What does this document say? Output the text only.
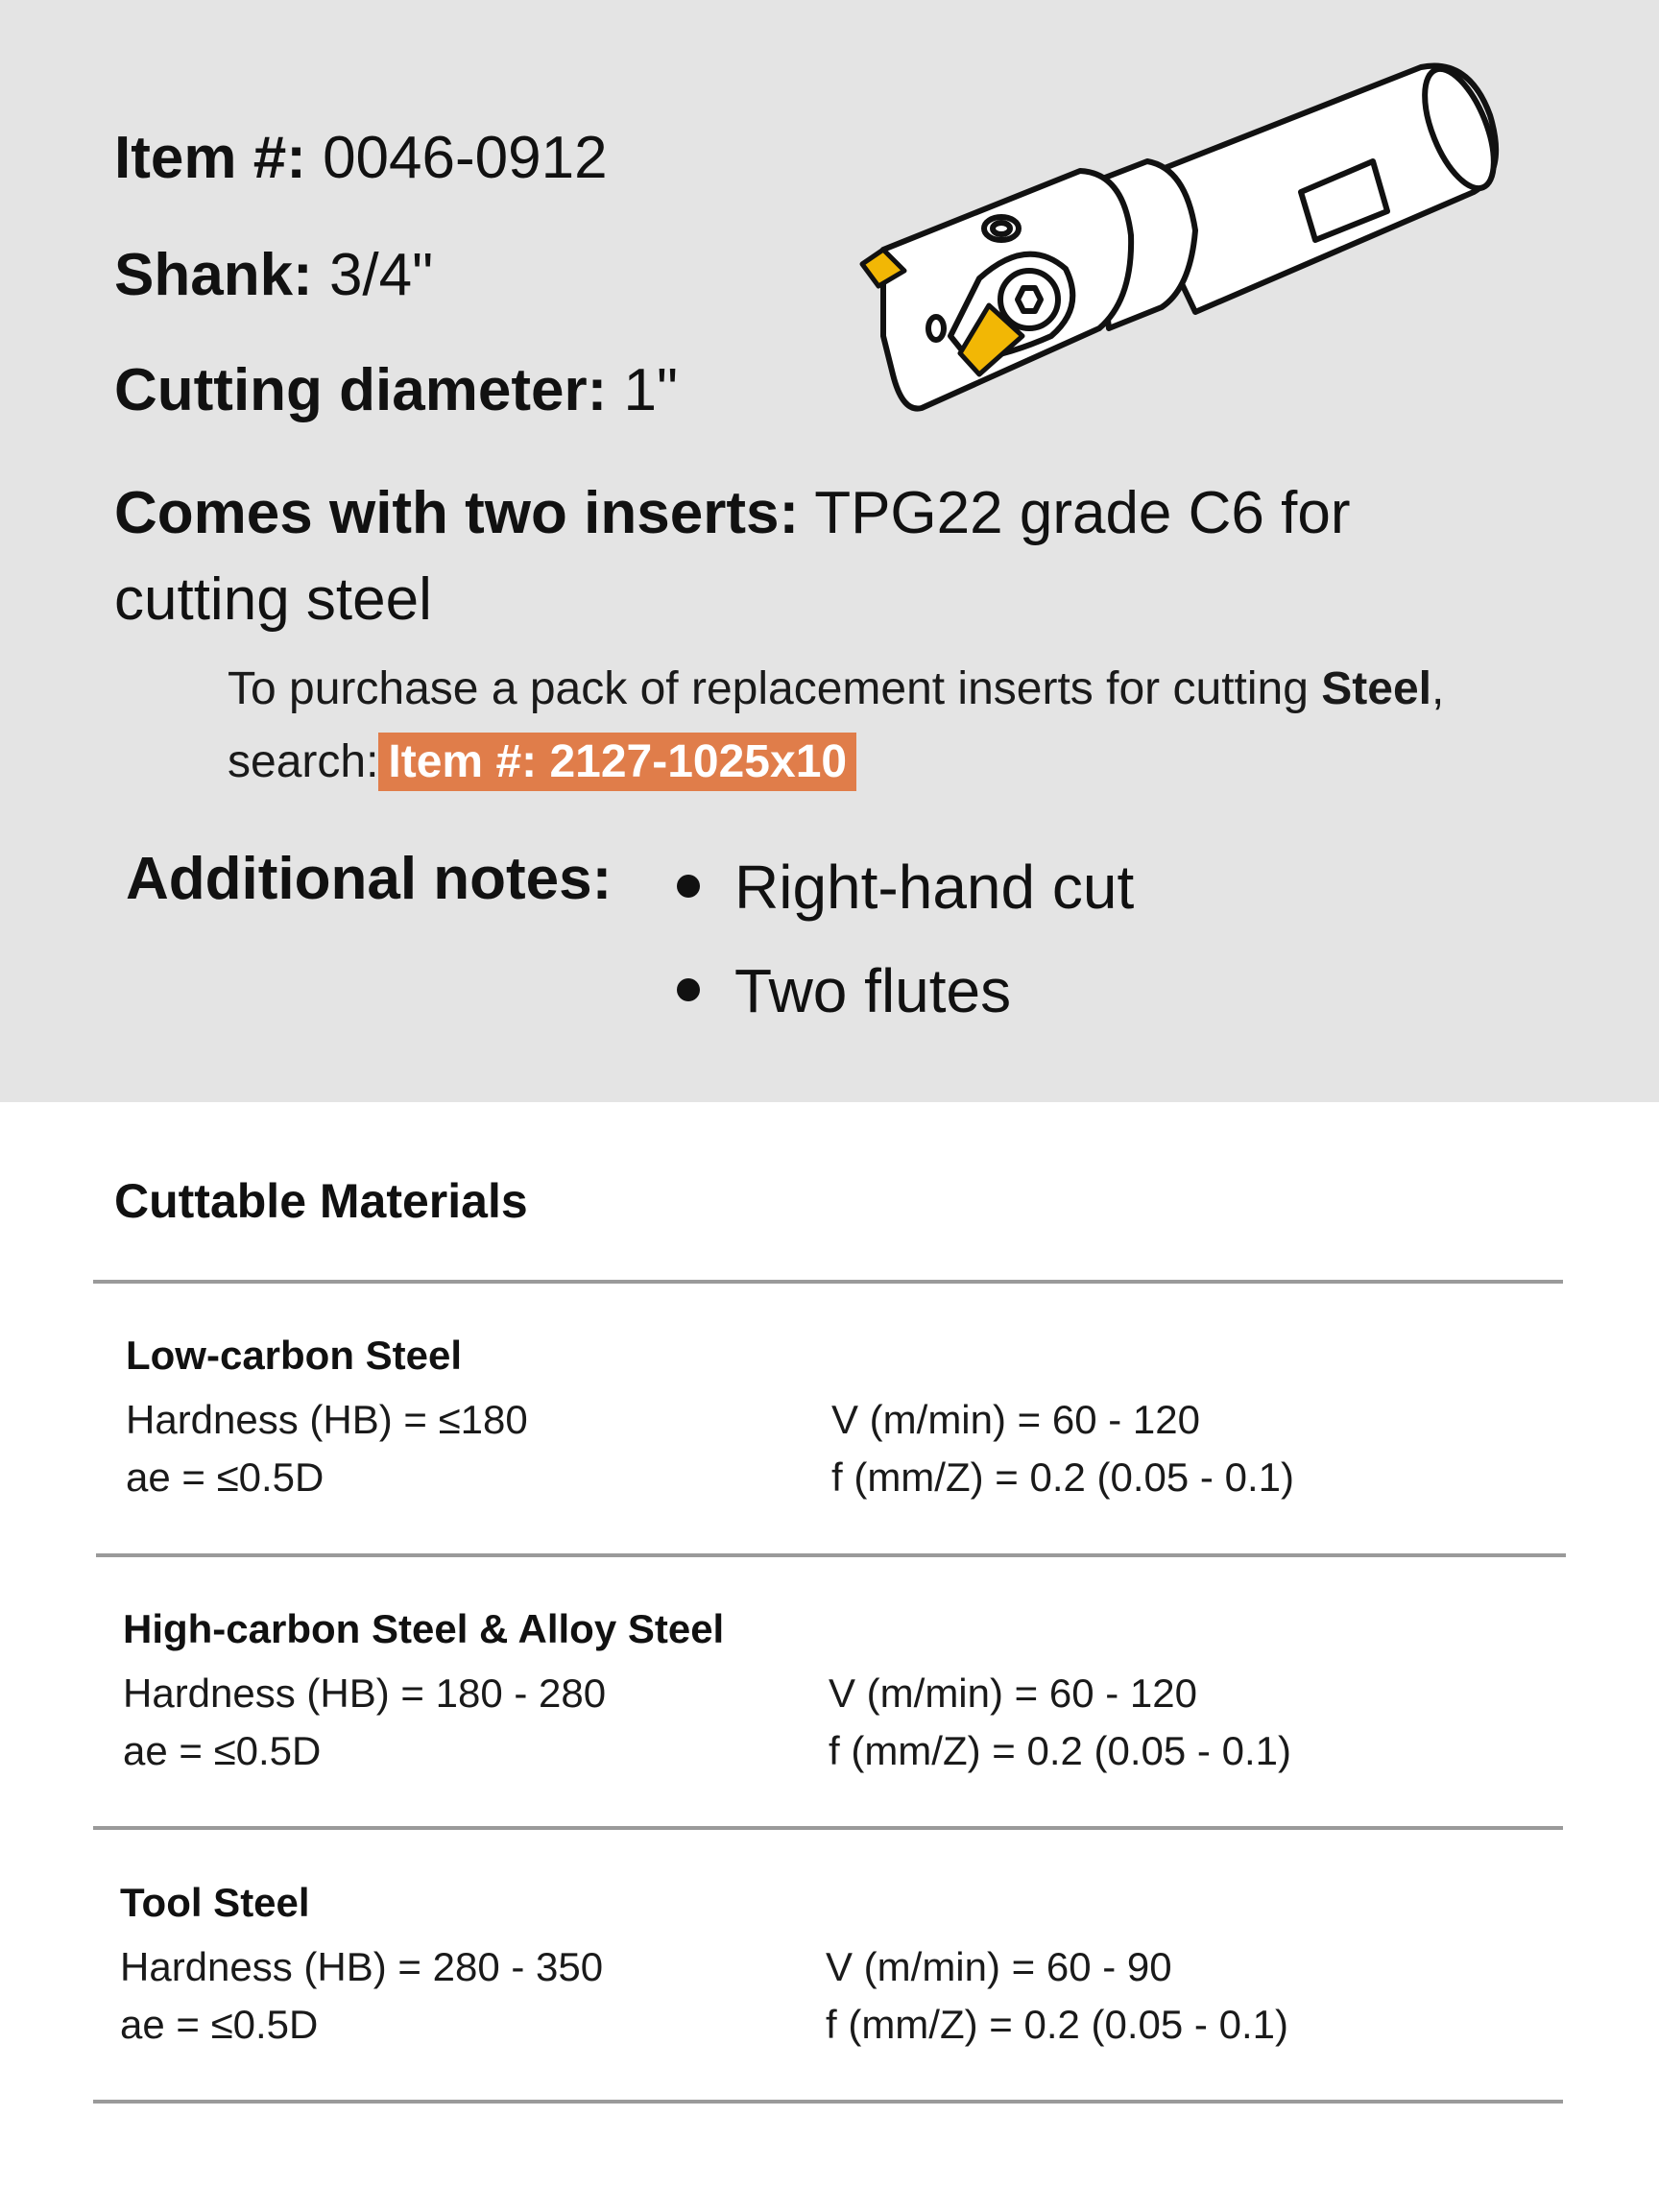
Item #: 0046-0912
Shank: 3/4"
Cutting diameter: 1"
Comes with two inserts: TPG22 grade C6 for cutting steel
To purchase a pack of replacement inserts for cutting Steel,
search: Item #: 2127-1025x10
Additional notes:	Right-hand cut
Two flutes
Cuttable Materials
Low-carbon Steel
Hardness (HB) = ≤180
ae = ≤0.5D
V (m/min) = 60 - 120
f (mm/Z) = 0.2 (0.05 - 0.1)
High-carbon Steel & Alloy Steel
Hardness (HB) = 180 - 280
ae = ≤0.5D
V (m/min) = 60 - 120
f (mm/Z) = 0.2 (0.05 - 0.1)
Tool Steel
Hardness (HB) = 280 - 350
ae = ≤0.5D
V (m/min) = 60 - 90
f (mm/Z) = 0.2 (0.05 - 0.1)
